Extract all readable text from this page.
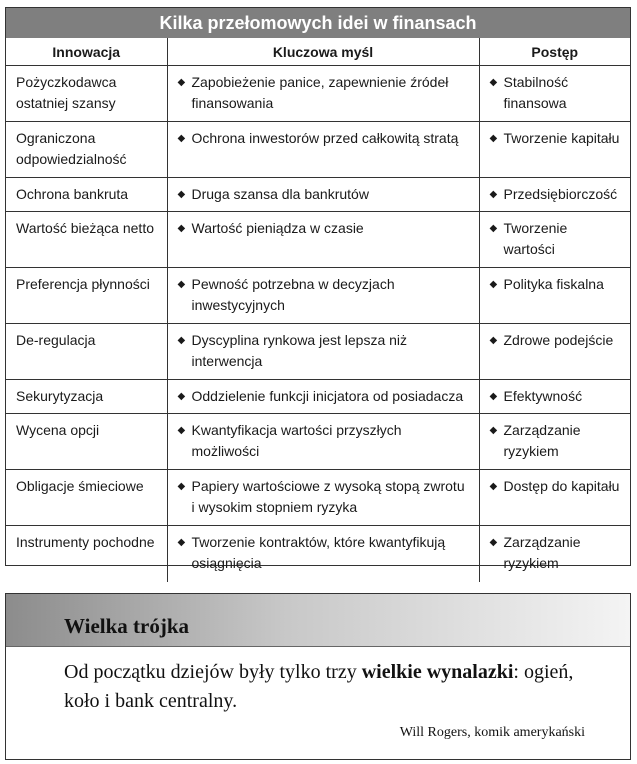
Kilka przełomowych idei w finansach
Innowacja	Kluczowa myśl	Postęp
Pożyczkodawca ostatniej szansy	◆ Zapobieżenie panice, zapewnienie źródeł finansowania	◆ Stabilność finansowa

Ograniczona odpowiedzialność	◆ Ochrona inwestorów przed całkowitą stratą	◆ Tworzenie kapitału

Ochrona bankruta	◆ Druga szansa dla bankrutów	◆ Przedsiębiorczość

Wartość bieżąca netto	◆ Wartość pieniądza w czasie	◆ Tworzenie wartości

Preferencja płynności	◆ Pewność potrzebna w decyzjach inwestycyjnych	◆ Polityka fiskalna

De-regulacja	◆ Dyscyplina rynkowa jest lepsza niż interwencja	◆ Zdrowe podejście

Sekurytyzacja	◆ Oddzielenie funkcji inicjatora od posiadacza	◆ Efektywność

Wycena opcji	◆ Kwantyfikacja wartości przyszłych możliwości	◆ Zarządzanie ryzykiem

Obligacje śmieciowe	◆ Papiery wartościowe z wysoką stopą zwrotu i wysokim stopniem ryzyka	◆ Dostęp do kapitału

Instrumenty pochodne	◆ Tworzenie kontraktów, które kwantyfikują osiągnięcia	◆ Zarządzanie ryzykiem
Wielka trójka
Od początku dziejów były tylko trzy wielkie wynalazki: ogień, koło i bank centralny.
Will Rogers, komik amerykański
